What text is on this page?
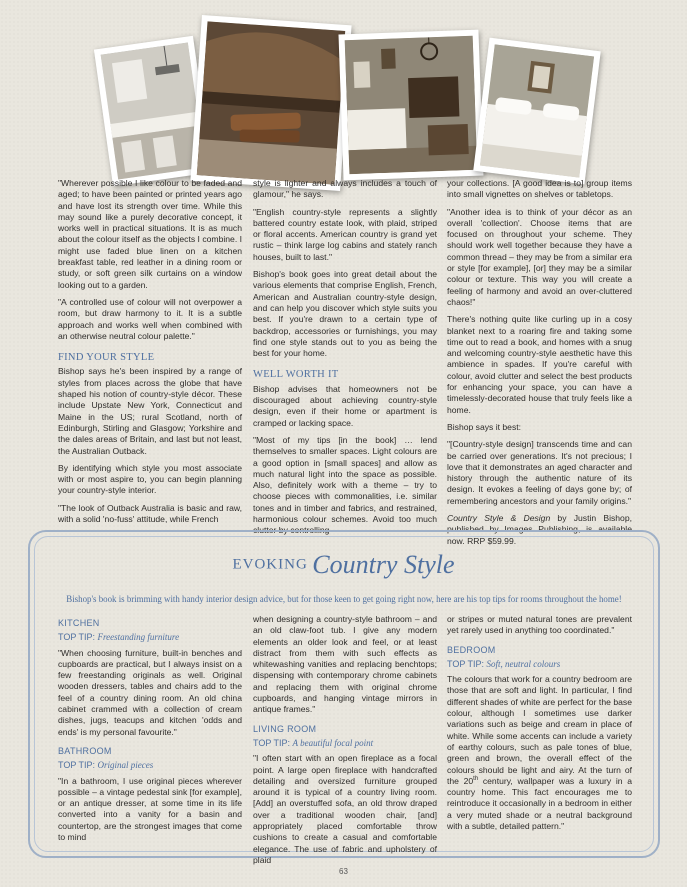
"Wherever possible I like colour to be faded and aged; to have been painted or printed years ago and have lost its strength over time. While this may sound like a purely decorative concept, it works well in practical situations. It is as much about the colour itself as the objects I combine. I might use faded blue linen on a kitchen breakfast table, red leather in a dining room or study, or soft green silk curtains on a window looking out to a garden.

"A controlled use of colour will not overpower a room, but draw harmony to it. It is a subtle approach and works well when combined with an otherwise neutral colour palette."

FIND YOUR STYLE

Bishop says he's been inspired by a range of styles from places across the globe that have shaped his notion of country-style décor. These include Upstate New York, Connecticut and Maine in the US; rural Scotland, north of Edinburgh, Stirling and Glasgow; Yorkshire and the dales areas of Britain, and last but not least, the Australian Outback.

By identifying which style you most associate with or most aspire to, you can begin planning your country-style interior.

"The look of Outback Australia is basic and raw, with a solid 'no-fuss' attitude, while French

style is lighter and always includes a touch of glamour," he says.

"English country-style represents a slightly battered country estate look, with plaid, striped or floral accents. American country is grand yet rustic – think large log cabins and stately ranch houses, built to last."

Bishop's book goes into great detail about the various elements that comprise English, French, American and Australian country-style design, and can help you discover which style suits you best. If you're drawn to a certain type of backdrop, accessories or furnishings, you may find one style stands out to you as being the best for your home.

WELL WORTH IT

Bishop advises that homeowners not be discouraged about achieving country-style design, even if their home or apartment is cramped or lacking space.

"Most of my tips [in the book] … lend themselves to smaller spaces. Light colours are a good option in [small spaces] and allow as much natural light into the space as possible. Also, definitely work with a theme – try to choose pieces with commonalities, i.e. similar tones and in timber and fabrics, and restrained, harmonious colour schemes. Avoid too much clutter by controlling

your collections. [A good idea is to] group items into small vignettes on shelves or tabletops.

"Another idea is to think of your décor as an overall 'collection'. Choose items that are focused on throughout your scheme. They should work well together because they have a common thread – they may be from a similar era or style [for example], [or] they may be a similar colour or texture. This way you will create a feeling of harmony and avoid an over-cluttered chaos!"

There's nothing quite like curling up in a cosy blanket next to a roaring fire and taking some time out to read a book, and homes with a snug and welcoming country-style aesthetic have this ambience in spades. If you're careful with colour, avoid clutter and select the best products for enhancing your space, you can have a timelessly-decorated house that truly feels like a home.

Bishop says it best:

"[Country-style design] transcends time and can be carried over generations. It's not precious; I love that it demonstrates an aged character and history through the authentic nature of its design. It evokes a feeling of days gone by; of remembering ancestors and your family origins."

Country Style & Design by Justin Bishop, published by Images Publishing, is available now. RRP $59.99.

EVOKING Country Style
Bishop's book is brimming with handy interior design advice, but for those keen to get going right now, here are his top tips for rooms throughout the home!
KITCHEN
TOP TIP: Freestanding furniture

"When choosing furniture, built-in benches and cupboards are practical, but I always insist on a few freestanding originals as well. Original wooden dressers, tables and chairs add to the feel of a country dining room. An old china cabinet crammed with a collection of cream dishes, jugs, teacups and kitchen 'odds and ends' is my personal favourite."

BATHROOM
TOP TIP: Original pieces

"In a bathroom, I use original pieces wherever possible – a vintage pedestal sink [for example], or an antique dresser, at some time in its life converted into a vanity for a basin and countertop, are the strongest images that come to mind

when designing a country-style bathroom – and an old claw-foot tub. I give any modern elements an older look and feel, or at least distract from them with such effects as whitewashing vanities and replacing benchtops; dispensing with contemporary chrome cabinets and replacing them with original chrome cupboards, and hanging vintage mirrors in antique frames."

LIVING ROOM
TOP TIP: A beautiful focal point

"I often start with an open fireplace as a focal point. A large open fireplace with handcrafted detailing and oversized furniture grouped around it is typical of a country living room. [Add] an overstuffed sofa, an old throw draped over a traditional wooden chair, [and] appropriately placed comfortable throw cushions to create a casual and comfortable elegance. The use of fabric and upholstery of plaid

or stripes or muted natural tones are prevalent yet rarely used in anything too coordinated."

BEDROOM
TOP TIP: Soft, neutral colours

The colours that work for a country bedroom are those that are soft and light. In particular, I find different shades of white are perfect for the base colour, although I sometimes use darker variations such as beige and cream in place of white. While some accents can include a variety of earthy colours, such as pale tones of blue, green and brown, the overall effect of the colours should be light and airy. At the turn of the 20th century, wallpaper was a luxury in a country home. This fact encourages me to reintroduce it occasionally in a bedroom in either a very muted shade or a neutral background with a subtle, detailed pattern."

63
